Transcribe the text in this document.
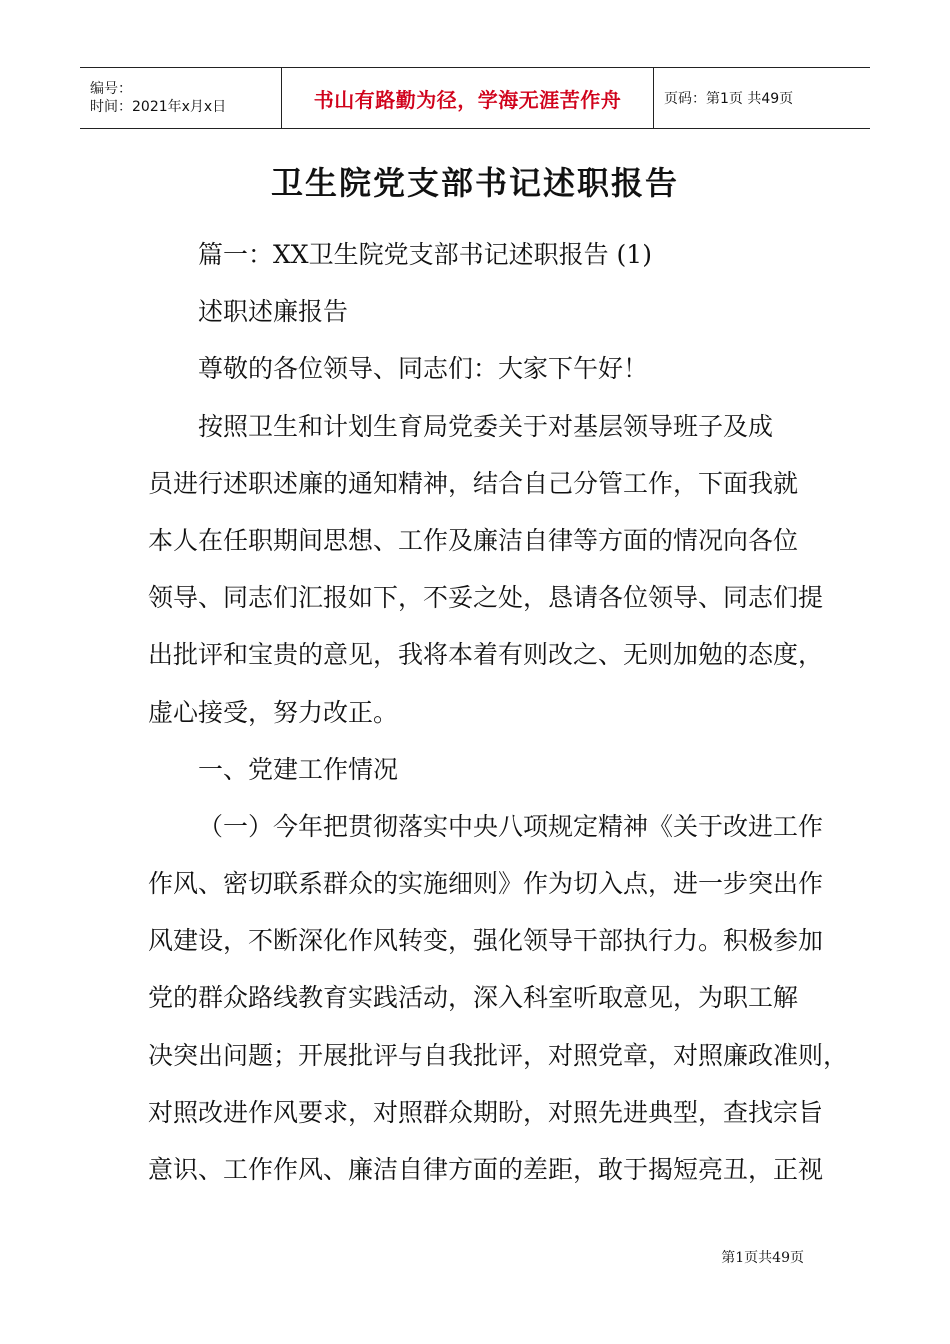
编号：
时间：2021年x月x日	书山有路勤为径，学海无涯苦作舟	页码：第1页 共49页
卫生院党支部书记述职报告
篇一：XX卫生院党支部书记述职报告 (1)
述职述廉报告
尊敬的各位领导、同志们：大家下午好！
按照卫生和计划生育局党委关于对基层领导班子及成
员进行述职述廉的通知精神，结合自己分管工作，下面我就
本人在任职期间思想、工作及廉洁自律等方面的情况向各位
领导、同志们汇报如下，不妥之处，恳请各位领导、同志们提
出批评和宝贵的意见，我将本着有则改之、无则加勉的态度，
虚心接受，努力改正。
一、党建工作情况
（一）今年把贯彻落实中央八项规定精神《关于改进工作
作风、密切联系群众的实施细则》作为切入点，进一步突出作
风建设，不断深化作风转变，强化领导干部执行力。积极参加
党的群众路线教育实践活动，深入科室听取意见，为职工解
决突出问题；开展批评与自我批评，对照党章，对照廉政准则，
对照改进作风要求，对照群众期盼，对照先进典型，查找宗旨
意识、工作作风、廉洁自律方面的差距，敢于揭短亮丑，正视
第1页共49页
